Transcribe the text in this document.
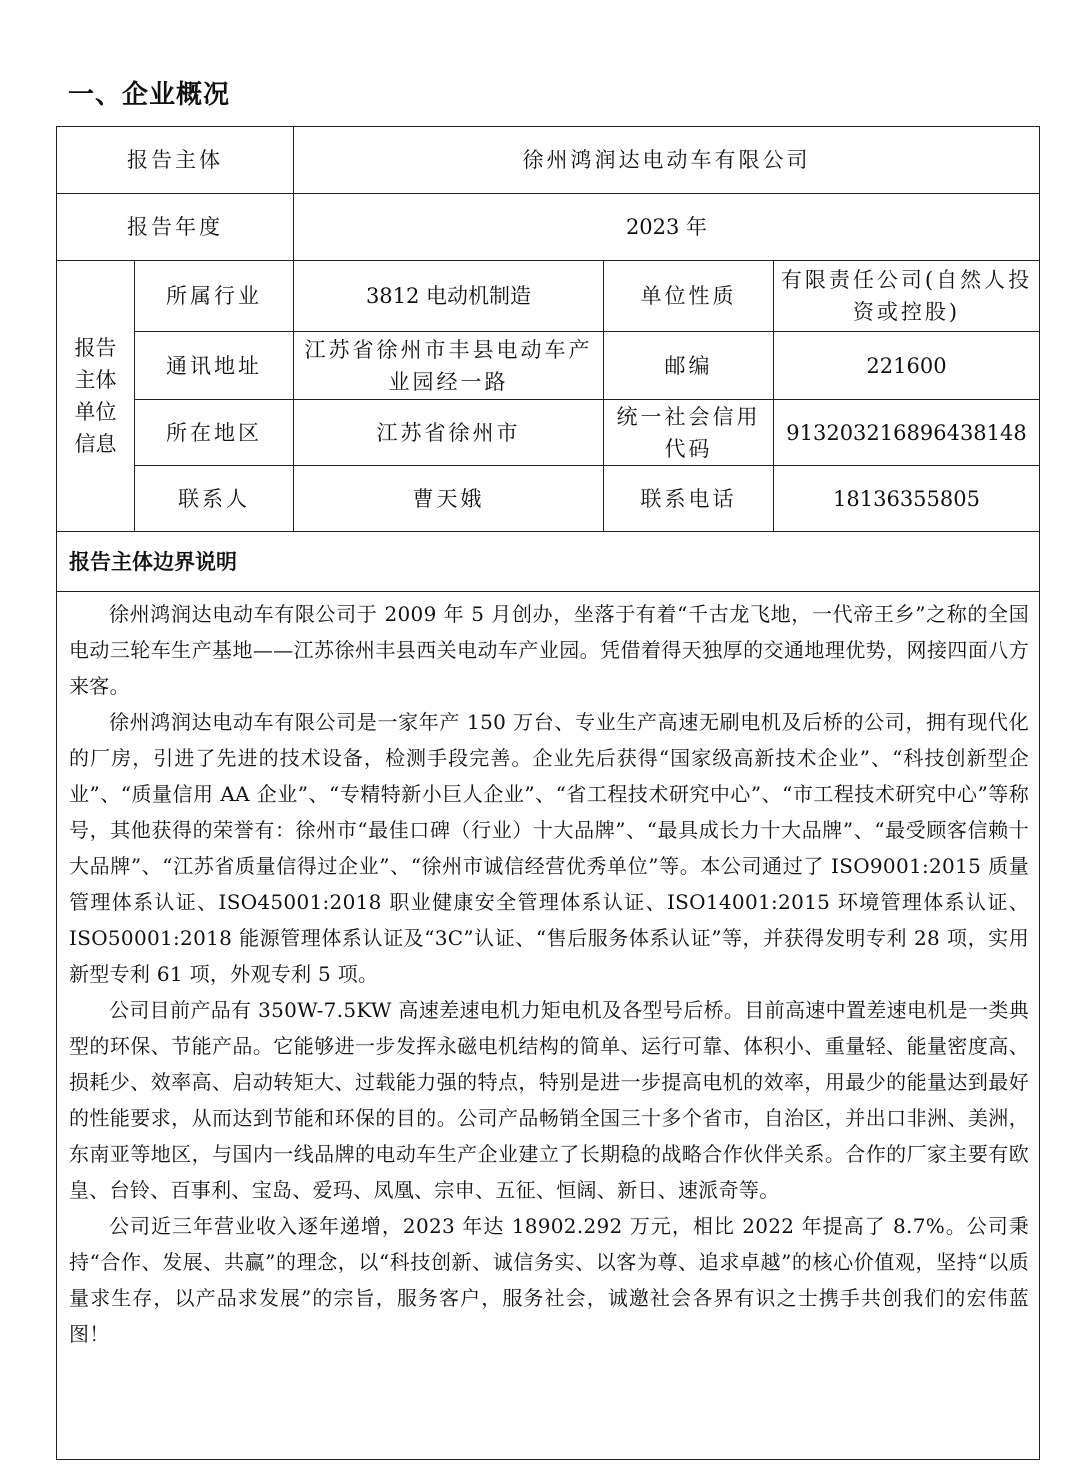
一、企业概况
报告主体		徐州鸿润达电动车有限公司		
报告年度		2023 年		
报告
主体
单位
信息	所属行业	3812 电动机制造	单位性质	有限责任公司(自然人投资或控股)
	通讯地址	江苏省徐州市丰县电动车产业园经一路	邮编	221600
	所在地区	江苏省徐州市	统一社会信用代码	913203216896438148
	联系人	曹天娥	联系电话	18136355805
报告主体边界说明				

徐州鸿润达电动车有限公司于 2009 年 5 月创办，坐落于有着“千古龙飞地，一代帝王乡”之称的全国电动三轮车生产基地——江苏徐州丰县西关电动车产业园。凭借着得天独厚的交通地理优势，网接四面八方来客。

徐州鸿润达电动车有限公司是一家年产 150 万台、专业生产高速无刷电机及后桥的公司，拥有现代化的厂房，引进了先进的技术设备，检测手段完善。企业先后获得“国家级高新技术企业”、“科技创新型企业”、“质量信用 AA 企业”、“专精特新小巨人企业”、“省工程技术研究中心”、“市工程技术研究中心”等称号，其他获得的荣誉有：徐州市“最佳口碑（行业）十大品牌”、“最具成长力十大品牌”、“最受顾客信赖十大品牌”、“江苏省质量信得过企业”、“徐州市诚信经营优秀单位”等。本公司通过了 ISO9001:2015 质量管理体系认证、ISO45001:2018 职业健康安全管理体系认证、ISO14001:2015 环境管理体系认证、ISO50001:2018 能源管理体系认证及“3C”认证、“售后服务体系认证”等，并获得发明专利 28 项，实用新型专利 61 项，外观专利 5 项。

公司目前产品有 350W-7.5KW 高速差速电机力矩电机及各型号后桥。目前高速中置差速电机是一类典型的环保、节能产品。它能够进一步发挥永磁电机结构的简单、运行可靠、体积小、重量轻、能量密度高、损耗少、效率高、启动转矩大、过载能力强的特点，特别是进一步提高电机的效率，用最少的能量达到最好的性能要求，从而达到节能和环保的目的。公司产品畅销全国三十多个省市，自治区，并出口非洲、美洲，东南亚等地区，与国内一线品牌的电动车生产企业建立了长期稳的战略合作伙伴关系。合作的厂家主要有欧皇、台铃、百事利、宝岛、爱玛、凤凰、宗申、五征、恒阔、新日、速派奇等。

公司近三年营业收入逐年递增，2023 年达 18902.292 万元，相比 2022 年提高了 8.7%。公司秉持“合作、发展、共赢”的理念，以“科技创新、诚信务实、以客为尊、追求卓越”的核心价值观，坚持“以质量求生存，以产品求发展”的宗旨，服务客户，服务社会，诚邀社会各界有识之士携手共创我们的宏伟蓝图！				
